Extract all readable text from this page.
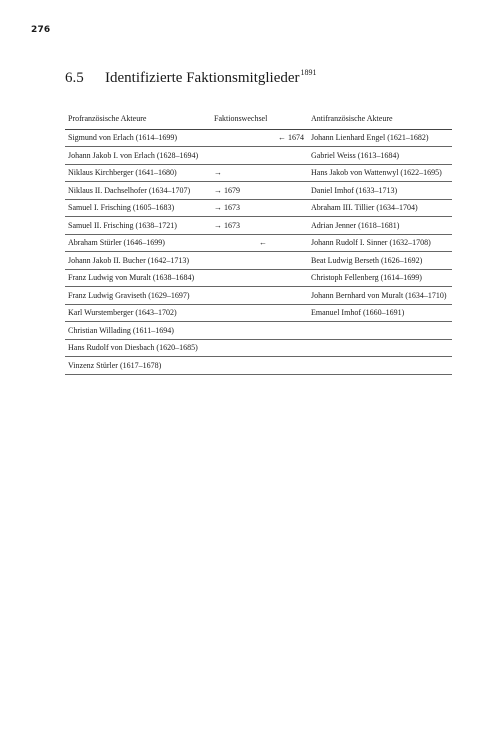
276
6.5 Identifizierte Faktionsmitglieder$^{1891}$
Profranzösische Akteure	Faktionswechsel	Antifranzösische Akteure
Sigmund von Erlach (1614–1699)	← 1674	Johann Lienhard Engel (1621–1682)
Johann Jakob I. von Erlach (1628–1694)		Gabriel Weiss (1613–1684)
Niklaus Kirchberger (1641–1680)	→	Hans Jakob von Wattenwyl (1622–1695)
Niklaus II. Dachselhofer (1634–1707)	→ 1679	Daniel Imhof (1633–1713)
Samuel I. Frisching (1605–1683)	→ 1673	Abraham III. Tillier (1634–1704)
Samuel II. Frisching (1638–1721)	→ 1673	Adrian Jenner (1618–1681)
Abraham Stürler (1646–1699)	←	Johann Rudolf I. Sinner (1632–1708)
Johann Jakob II. Bucher (1642–1713)		Beat Ludwig Berseth (1626–1692)
Franz Ludwig von Muralt (1638–1684)		Christoph Fellenberg (1614–1699)
Franz Ludwig Graviseth (1629–1697)		Johann Bernhard von Muralt (1634–1710)
Karl Wurstemberger (1643–1702)		Emanuel Imhof (1660–1691)
Christian Willading (1611–1694)		
Hans Rudolf von Diesbach (1620–1685)		
Vinzenz Stürler (1617–1678)		
